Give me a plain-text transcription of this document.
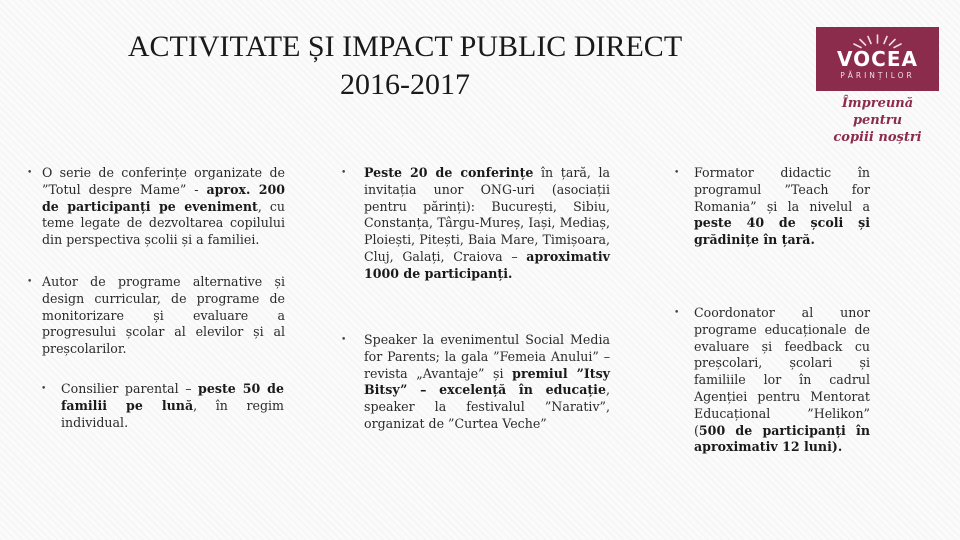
ACTIVITATE ȘI IMPACT PUBLIC DIRECT
2016-2017
VOCEA
PĂRINȚILOR
Împreună pentru
copiii noștri
• O serie de conferințe organizate de ”Totul despre Mame” - aprox. 200 de participanți pe eveniment, cu teme legate de dezvoltarea copilului din perspectiva școlii și a familiei.
• Autor de programe alternative și design curricular, de programe de monitorizare și evaluare a progresului școlar al elevilor și al preșcolarilor.
• Consilier parental – peste 50 de familii pe lună, în regim individual.
• Peste 20 de conferințe în țară, la invitația unor ONG-uri (asociații pentru părinți): București, Sibiu, Constanța, Târgu-Mureș, Iași, Mediaș, Ploiești, Pitești, Baia Mare, Timișoara, Cluj, Galați, Craiova – aproximativ 1000 de participanți.
• Speaker la evenimentul Social Media for Parents; la gala ”Femeia Anului” – revista „Avantaje” și premiul ”Itsy Bitsy” – excelență în educație, speaker la festivalul ”Narativ”, organizat de ”Curtea Veche”
• Formator didactic în programul ”Teach for Romania” și la nivelul a peste 40 de școli și grădinițe în țară.
• Coordonator al unor programe educaționale de evaluare și feedback cu preșcolari, școlari și familiile lor în cadrul Agenției pentru Mentorat Educațional ”Helikon” (500 de participanți în aproximativ 12 luni).
